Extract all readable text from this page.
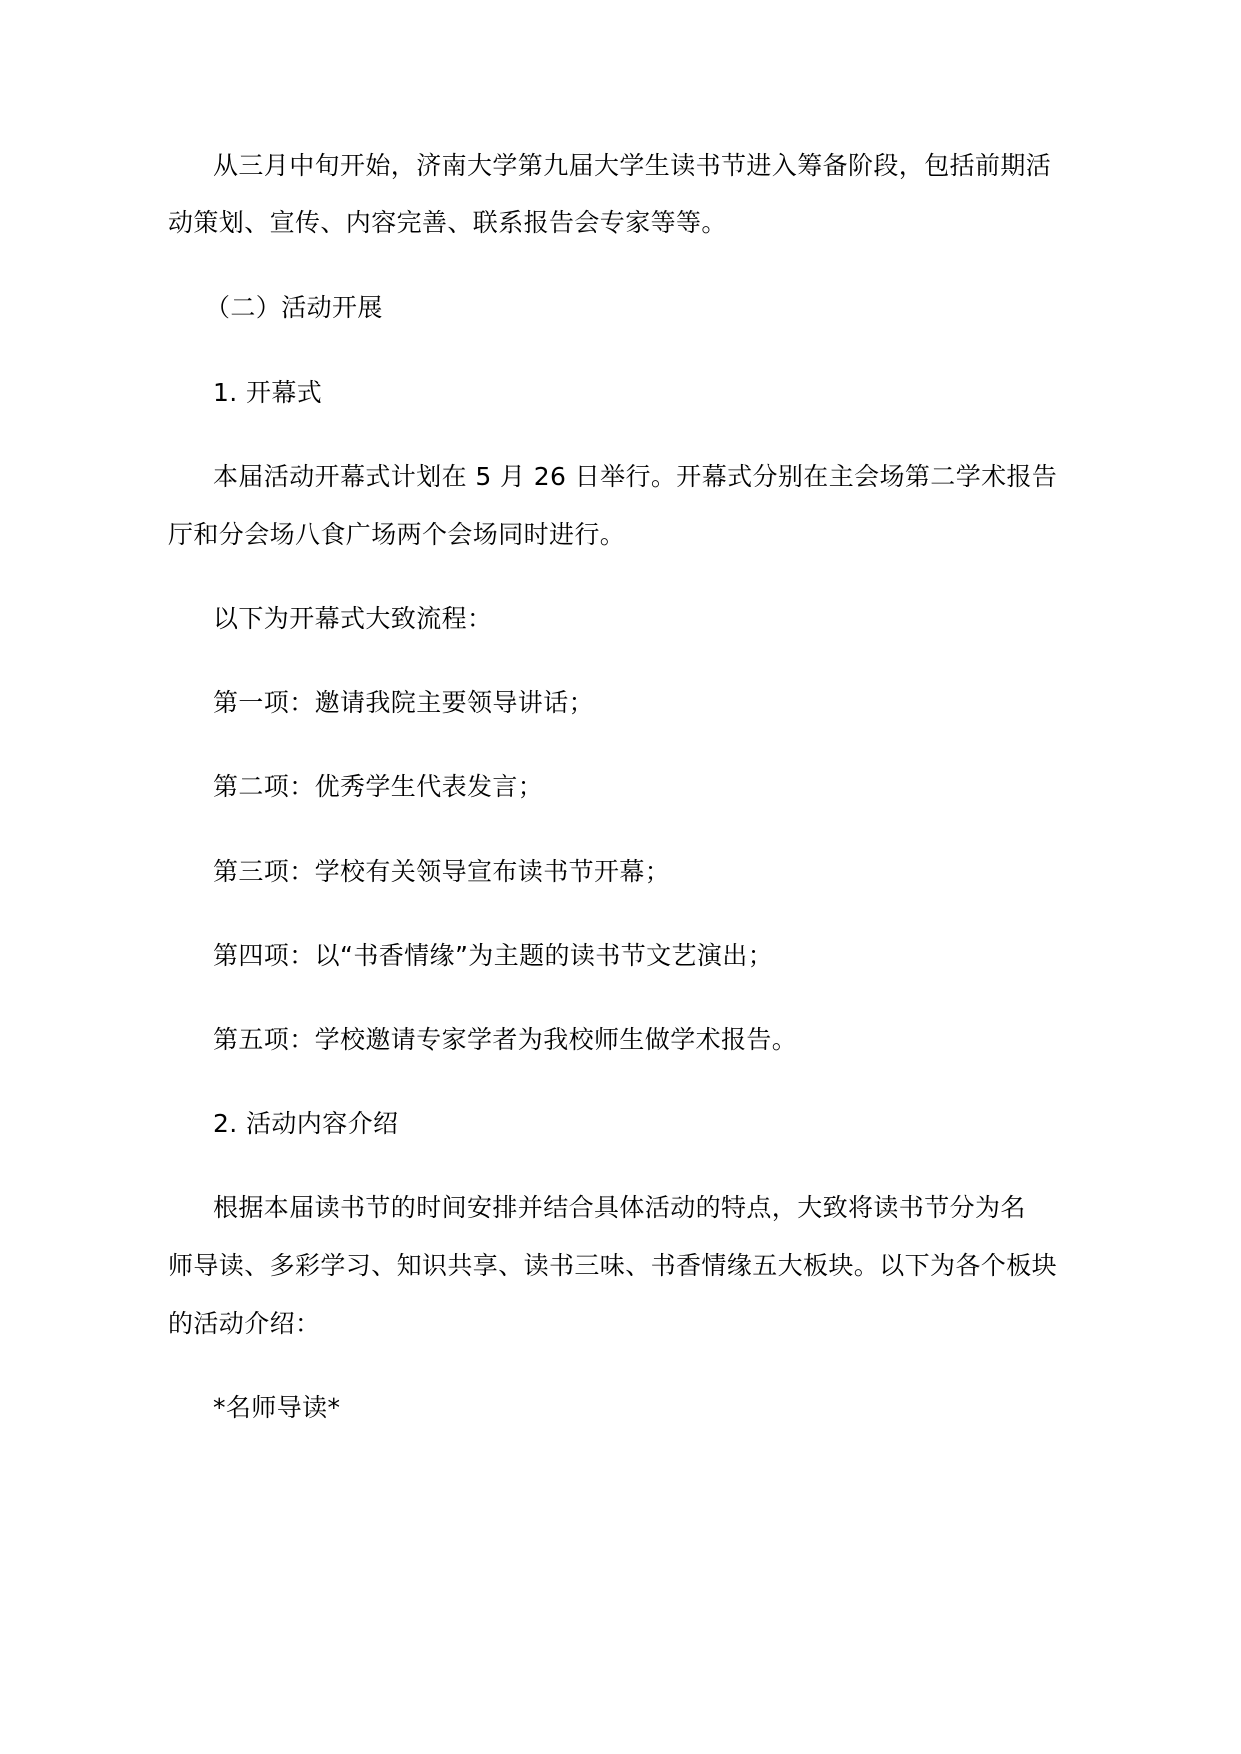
从三月中旬开始，济南大学第九届大学生读书节进入筹备阶段，包括前期活
动策划、宣传、内容完善、联系报告会专家等等。
（二）活动开展
1. 开幕式
本届活动开幕式计划在 5 月 26 日举行。开幕式分别在主会场第二学术报告
厅和分会场八食广场两个会场同时进行。
以下为开幕式大致流程：
第一项：邀请我院主要领导讲话；
第二项：优秀学生代表发言；
第三项：学校有关领导宣布读书节开幕；
第四项：以“书香情缘”为主题的读书节文艺演出；
第五项：学校邀请专家学者为我校师生做学术报告。
2. 活动内容介绍
根据本届读书节的时间安排并结合具体活动的特点，大致将读书节分为名
师导读、多彩学习、知识共享、读书三味、书香情缘五大板块。以下为各个板块
的活动介绍：
*名师导读*
